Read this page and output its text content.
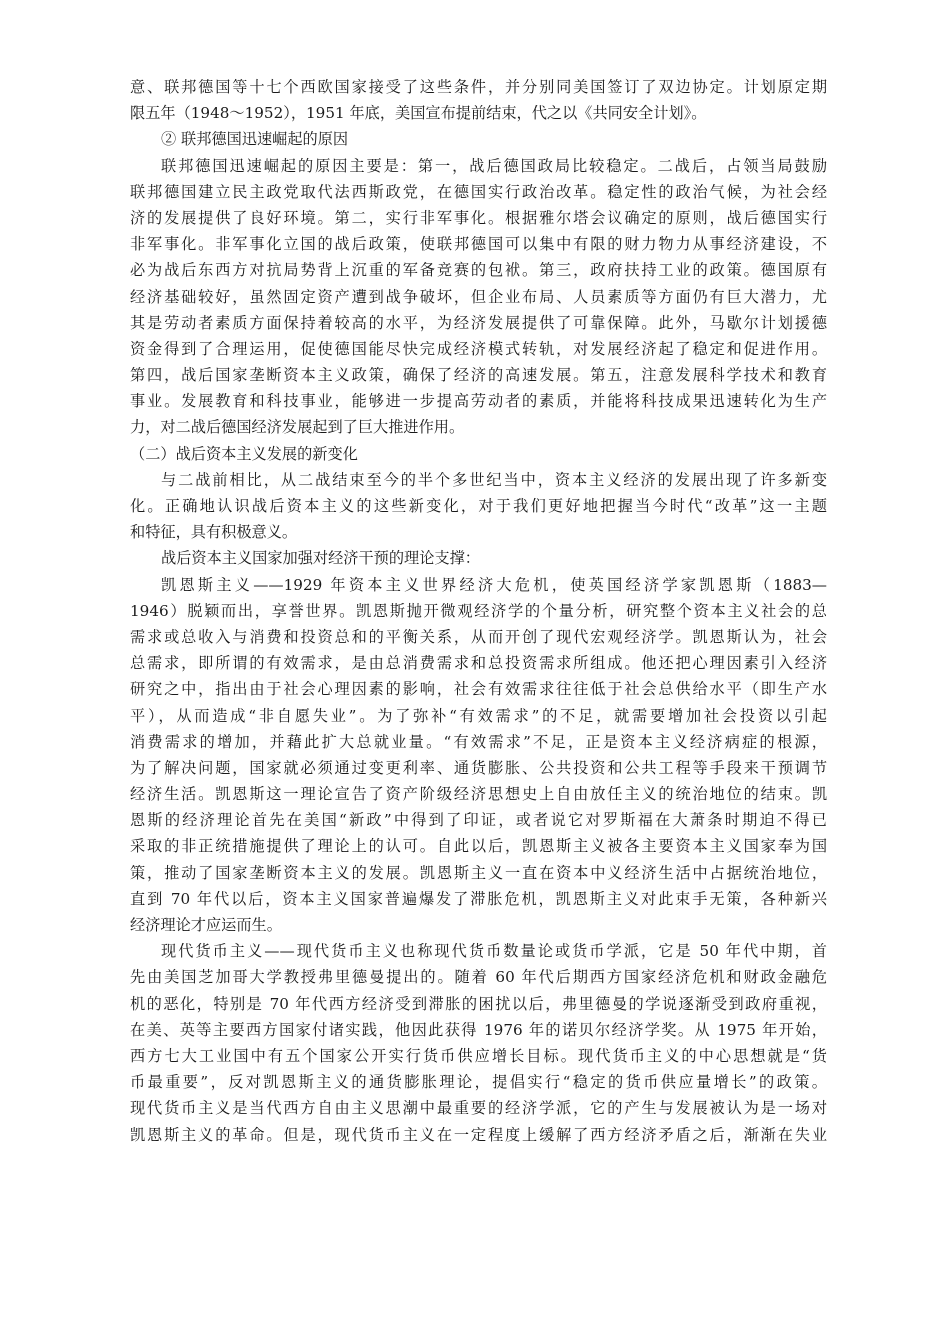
意、联邦德国等十七个西欧国家接受了这些条件，并分别同美国签订了双边协定。计划原定期
限五年（1948～1952），1951 年底，美国宣布提前结束，代之以《共同安全计划》。
② 联邦德国迅速崛起的原因
联邦德国迅速崛起的原因主要是：第一，战后德国政局比较稳定。二战后，占领当局鼓励
联邦德国建立民主政党取代法西斯政党，在德国实行政治改革。稳定性的政治气候，为社会经
济的发展提供了良好环境。第二，实行非军事化。根据雅尔塔会议确定的原则，战后德国实行
非军事化。非军事化立国的战后政策，使联邦德国可以集中有限的财力物力从事经济建设，不
必为战后东西方对抗局势背上沉重的军备竞赛的包袱。第三，政府扶持工业的政策。德国原有
经济基础较好，虽然固定资产遭到战争破坏，但企业布局、人员素质等方面仍有巨大潜力，尤
其是劳动者素质方面保持着较高的水平，为经济发展提供了可靠保障。此外，马歇尔计划援德
资金得到了合理运用，促使德国能尽快完成经济模式转轨，对发展经济起了稳定和促进作用。
第四，战后国家垄断资本主义政策，确保了经济的高速发展。第五，注意发展科学技术和教育
事业。发展教育和科技事业，能够进一步提高劳动者的素质，并能将科技成果迅速转化为生产
力，对二战后德国经济发展起到了巨大推进作用。
（二）战后资本主义发展的新变化
与二战前相比，从二战结束至今的半个多世纪当中，资本主义经济的发展出现了许多新变
化。正确地认识战后资本主义的这些新变化，对于我们更好地把握当今时代“改革”这一主题
和特征，具有积极意义。
战后资本主义国家加强对经济干预的理论支撑：
凯恩斯主义——1929 年资本主义世界经济大危机，使英国经济学家凯恩斯（1883—
1946）脱颖而出，享誉世界。凯恩斯抛开微观经济学的个量分析，研究整个资本主义社会的总
需求或总收入与消费和投资总和的平衡关系，从而开创了现代宏观经济学。凯恩斯认为，社会
总需求，即所谓的有效需求，是由总消费需求和总投资需求所组成。他还把心理因素引入经济
研究之中，指出由于社会心理因素的影响，社会有效需求往往低于社会总供给水平（即生产水
平），从而造成“非自愿失业”。为了弥补“有效需求”的不足，就需要增加社会投资以引起
消费需求的增加，并藉此扩大总就业量。“有效需求”不足，正是资本主义经济病症的根源，
为了解决问题，国家就必须通过变更利率、通货膨胀、公共投资和公共工程等手段来干预调节
经济生活。凯恩斯这一理论宣告了资产阶级经济思想史上自由放任主义的统治地位的结束。凯
恩斯的经济理论首先在美国“新政”中得到了印证，或者说它对罗斯福在大萧条时期迫不得已
采取的非正统措施提供了理论上的认可。自此以后，凯恩斯主义被各主要资本主义国家奉为国
策，推动了国家垄断资本主义的发展。凯恩斯主义一直在资本中义经济生活中占据统治地位，
直到 70 年代以后，资本主义国家普遍爆发了滞胀危机，凯恩斯主义对此束手无策，各种新兴
经济理论才应运而生。
现代货币主义——现代货币主义也称现代货币数量论或货币学派，它是 50 年代中期，首
先由美国芝加哥大学教授弗里德曼提出的。随着 60 年代后期西方国家经济危机和财政金融危
机的恶化，特别是 70 年代西方经济受到滞胀的困扰以后，弗里德曼的学说逐渐受到政府重视，
在美、英等主要西方国家付诸实践，他因此获得 1976 年的诺贝尔经济学奖。从 1975 年开始，
西方七大工业国中有五个国家公开实行货币供应增长目标。现代货币主义的中心思想就是“货
币最重要”，反对凯恩斯主义的通货膨胀理论，提倡实行“稳定的货币供应量增长”的政策。
现代货币主义是当代西方自由主义思潮中最重要的经济学派，它的产生与发展被认为是一场对
凯恩斯主义的革命。但是，现代货币主义在一定程度上缓解了西方经济矛盾之后，渐渐在失业
